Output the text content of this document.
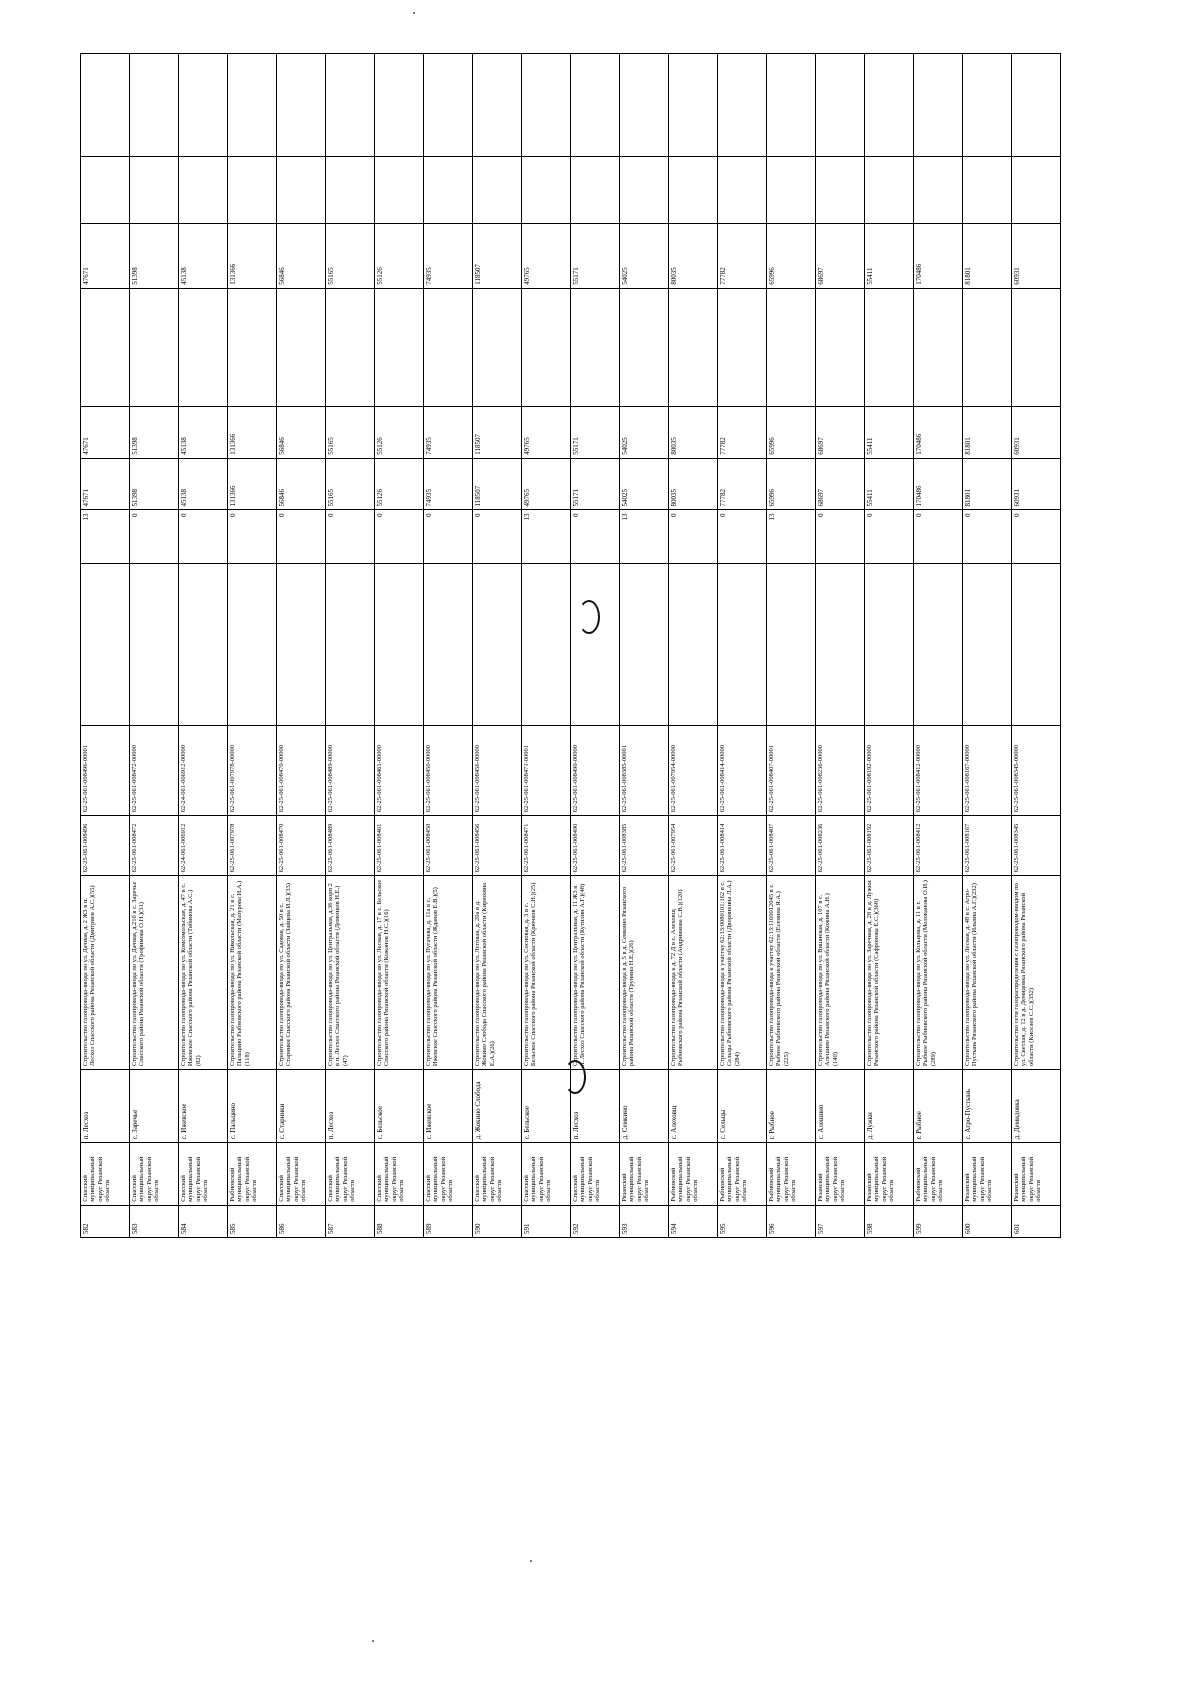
582	Спасский муниципальный округ Рязанской области	п. Лесхоз	Строительство газопровода-ввода по ул. Дачная, д. 2 Ж3 в п. Лесхоз Спасского района Рязанской области (Дмитриев А.С.)(55)	62-25-061-008496	62-25-061-008496-00001		13	47671	47671		47671		
583	Спасский муниципальный округ Рязанской области	с. Заречье	Строительство газопровода-ввода по ул. Дачная, д.21б в с. Заречье Спасского района Рязанской области (Трофимова О.Н.)(31)	62-25-061-008472	62-25-061-008472-00000		0	51398	51398		51398		
584	Спасский муниципальный округ Рязанской области	с. Ижевское	Строительство газопровода-ввода по ул. Комсомольская, д. 47 в с. Ижевское Спасского района Рязанской области (Тябинова А.С.)(82)	62-24-061-006912	62-24-061-006912-00000		0	45138	45138		45138		
585	Рыбновский муниципальный округ Рязанской области	с. Пальцино	Строительство газопровода-ввода по ул. Никольская, д. 21 в с. Пальцино Рыбновского района Рязанской области (Мазурова И.А.)(118)	62-25-061-007978	62-25-061-007978-00000		0	131366	131366		131366		
586	Спасский муниципальный округ Рязанской области	с. Старинки	Строительство газопровода-ввода по ул. Садовая, д. 50 в с. Старинки Спасского района Рязанской области (Зайцева И.Л.)(33)	62-25-061-008470	62-25-061-008470-00000		0	56846	56846		56846		
587	Спасский муниципальный округ Рязанской области	п. Лесхоз	Строительство газопровода-ввода по ул. Центральная, д.36 корп 2 в п. Лесхоз Спасского района Рязанской области (Деменков Н.Е.)(47)	62-25-061-008489	62-25-061-008489-00000		0	55165	55165		55165		
588	Спасский муниципальный округ Рязанской области	с. Бельское	Строительство газопровода-ввода по ул. Лесная, д. 17 в с. Бельское Спасского района Рязанской области (Кожанов Н.С.)(16)	62-25-061-008461	62-25-061-008461-00000		0	55126	55126		55126		
589	Спасский муниципальный округ Рязанской области	с. Ижевское	Строительство газопровода-ввода по ул. Пугачева, д. 11а в с. Ижевское Спасского района Рязанской области (Жданов Е.В.)(5)	62-25-061-008450	62-25-061-008450-00000		0	74935	74935		74935		
590	Спасский муниципальный округ Рязанской области	д. Жокино Слобода	Строительство газопровода-ввода по ул. Луговая, д. 20а в д. Жокино Слобода Спасского района Рязанской области (Кирюхина Е.А.)(26)	62-25-061-008456	62-25-061-008456-00000		0	118507	118507		118507		
591	Спасский муниципальный округ Рязанской области	с. Бельское	Строительство газопровода-ввода по ул. Сосновая, д. 3 в с. Бельское Спасского района Рязанской области (Крючков С.Н.)(25)	62-25-061-008471	62-25-061-008471-00001		13	49765	49765		49765		
592	Спасский муниципальный округ Рязанской области	п. Лесхоз	Строительство газопровода-ввода по ул. Центральная, д. 11 Ж3 в п. Лесхоз Спасского района Рязанской области (Кутилин А.Г.)(48)	62-25-061-008490	62-25-061-008490-00000		0	55171	55171		55171		
593	Рязанский муниципальный округ Рязанской области	д. Семкино	Строительство газопровода-ввода в д. 5 в д. Семкино Рязанского района Рязанской области (Трунина Н.Е.)(26)	62-25-061-008385	62-25-061-008385-00001		13	54025	54025		54025		
594	Рыбновский муниципальный округ Рязанской области	с. Алеховщ	Строительство газопровода-ввода к д. 72 Д в с. Алеховщ Рыбновского района Рязанской области (Андриянова С.В.)(120)	62-25-061-007954	62-25-061-007954-00000		0	80035	80035		80035		
595	Рыбновский муниципальный округ Рязанской области	с. Сельцы	Строительство газопровода-ввода к участку 62:13:0080101:162 в с. Сельцы Рыбновского района Рязанской области (Дворянкина Л.А.)(284)	62-25-061-008414	62-25-061-008414-00000		0	77782	77782		77782		
596	Рыбновский муниципальный округ Рязанской области	г. Рыбное	Строительство газопровода-ввода к участку 62:13:1160012045 в г. Рыбное Рыбновского района Рязанской области (Есенина Я.А.)(225)	62-25-061-008407	62-25-061-008407-00001		13	65996	65996		65996		
597	Рязанский муниципальный округ Рязанской области	с. Алешино	Строительство газопровода-ввода по ул. Вишневая, д. 107 в с. Алешино Рязанского района Рязанской области (Кожина А.Н.)(140)	62-25-061-008236	62-25-061-008236-00000		0	68697	68697		68697		
598	Рязанский муниципальный округ Рязанской области	д. Лужки	Строительство газопровода-ввода по ул. Заречная, д. 28 в д. Лужки Рязанского района Рязанской области (Сафронова Е.С.)(368)	62-25-061-008192	62-25-061-008192-00000		0	55411	55411		55411		
599	Рыбновский муниципальный округ Рязанской области	г. Рыбное	Строительство газопровода-ввода по ул. Кольцова, д. 11 в г. Рыбное Рыбновского района Рязанской области (Молоканова О.И.)(289)	62-25-061-008412	62-25-061-008412-00000		0	170486	170486		170486		
600	Рязанский муниципальный округ Рязанской области	с. Агро-Пустынь	Строительство газопровода-ввода по ул. Лесная, д. 48 в с. Агро-Пустынь Рязанского района Рязанской области (Ильина А.Г.)(232)	62-25-061-008167	62-25-061-008167-00000		0	81801	81801		81801		
601	Рязанский муниципальный округ Рязанской области	д. Демидовка	Строительство сети газораспределения с газопроводом-вводом по ул. Светлая, д. 12 в д. Демидовка Рязанского района Рязанской области (Киселев С.С.)(352)	62-25-061-008345	62-25-061-008345-00000		0	60931	60931		60931		
